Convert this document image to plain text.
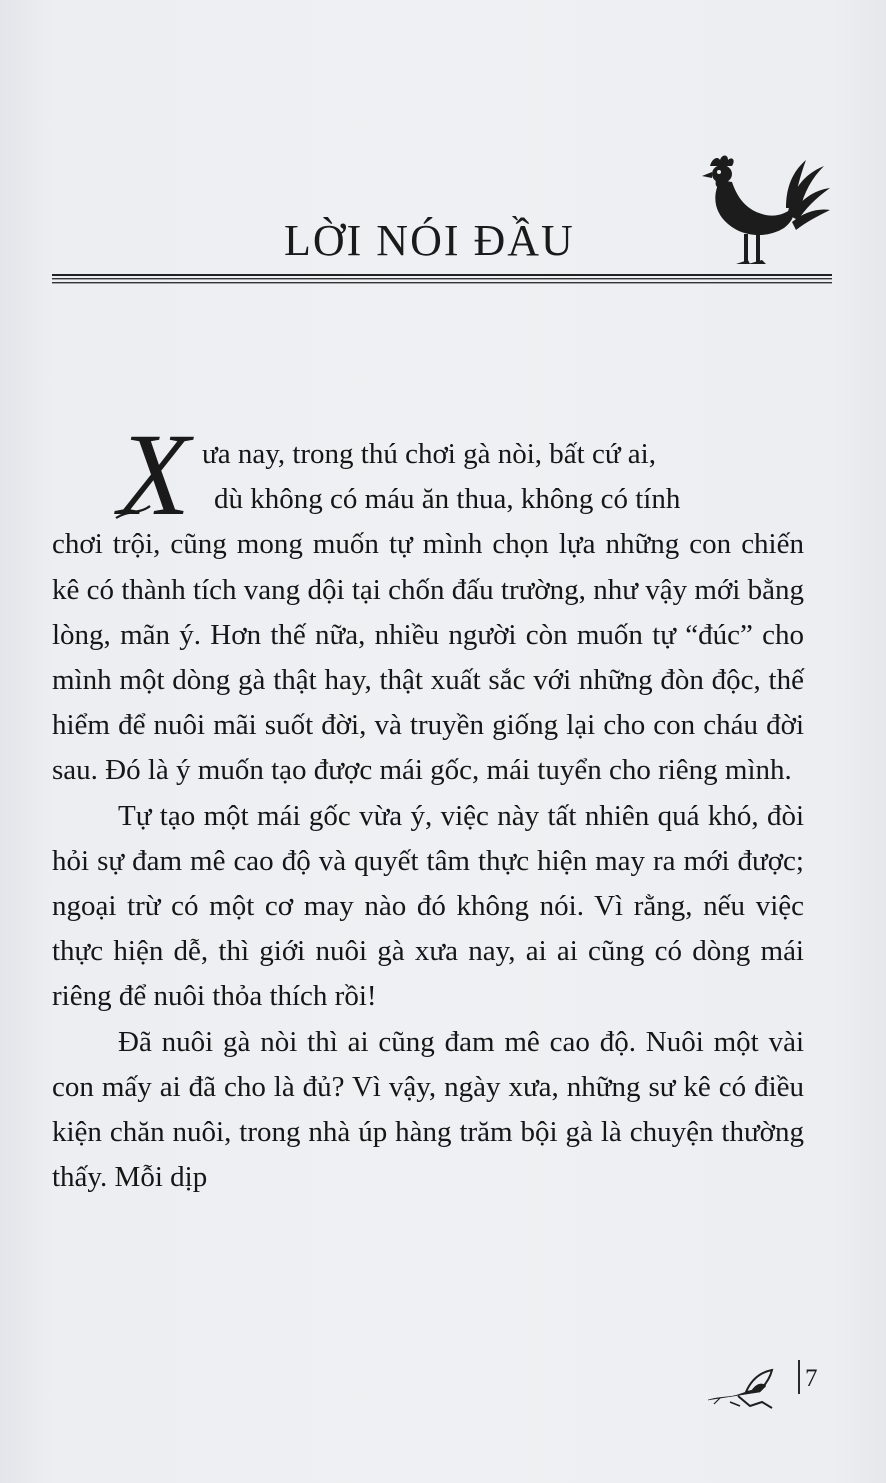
LỜI NÓI ĐẦU
X ưa nay, trong thú chơi gà nòi, bất cứ ai,

dù không có máu ăn thua, không có tính

chơi trội, cũng mong muốn tự mình chọn lựa những con chiến kê có thành tích vang dội tại chốn đấu trường, như vậy mới bằng lòng, mãn ý. Hơn thế nữa, nhiều người còn muốn tự “đúc” cho mình một dòng gà thật hay, thật xuất sắc với những đòn độc, thế hiểm để nuôi mãi suốt đời, và truyền giống lại cho con cháu đời sau. Đó là ý muốn tạo được mái gốc, mái tuyển cho riêng mình.

Tự tạo một mái gốc vừa ý, việc này tất nhiên quá khó, đòi hỏi sự đam mê cao độ và quyết tâm thực hiện may ra mới được; ngoại trừ có một cơ may nào đó không nói. Vì rằng, nếu việc thực hiện dễ, thì giới nuôi gà xưa nay, ai ai cũng có dòng mái riêng để nuôi thỏa thích rồi!

Đã nuôi gà nòi thì ai cũng đam mê cao độ. Nuôi một vài con mấy ai đã cho là đủ? Vì vậy, ngày xưa, những sư kê có điều kiện chăn nuôi, trong nhà úp hàng trăm bội gà là chuyện thường thấy. Mỗi dịp

7
